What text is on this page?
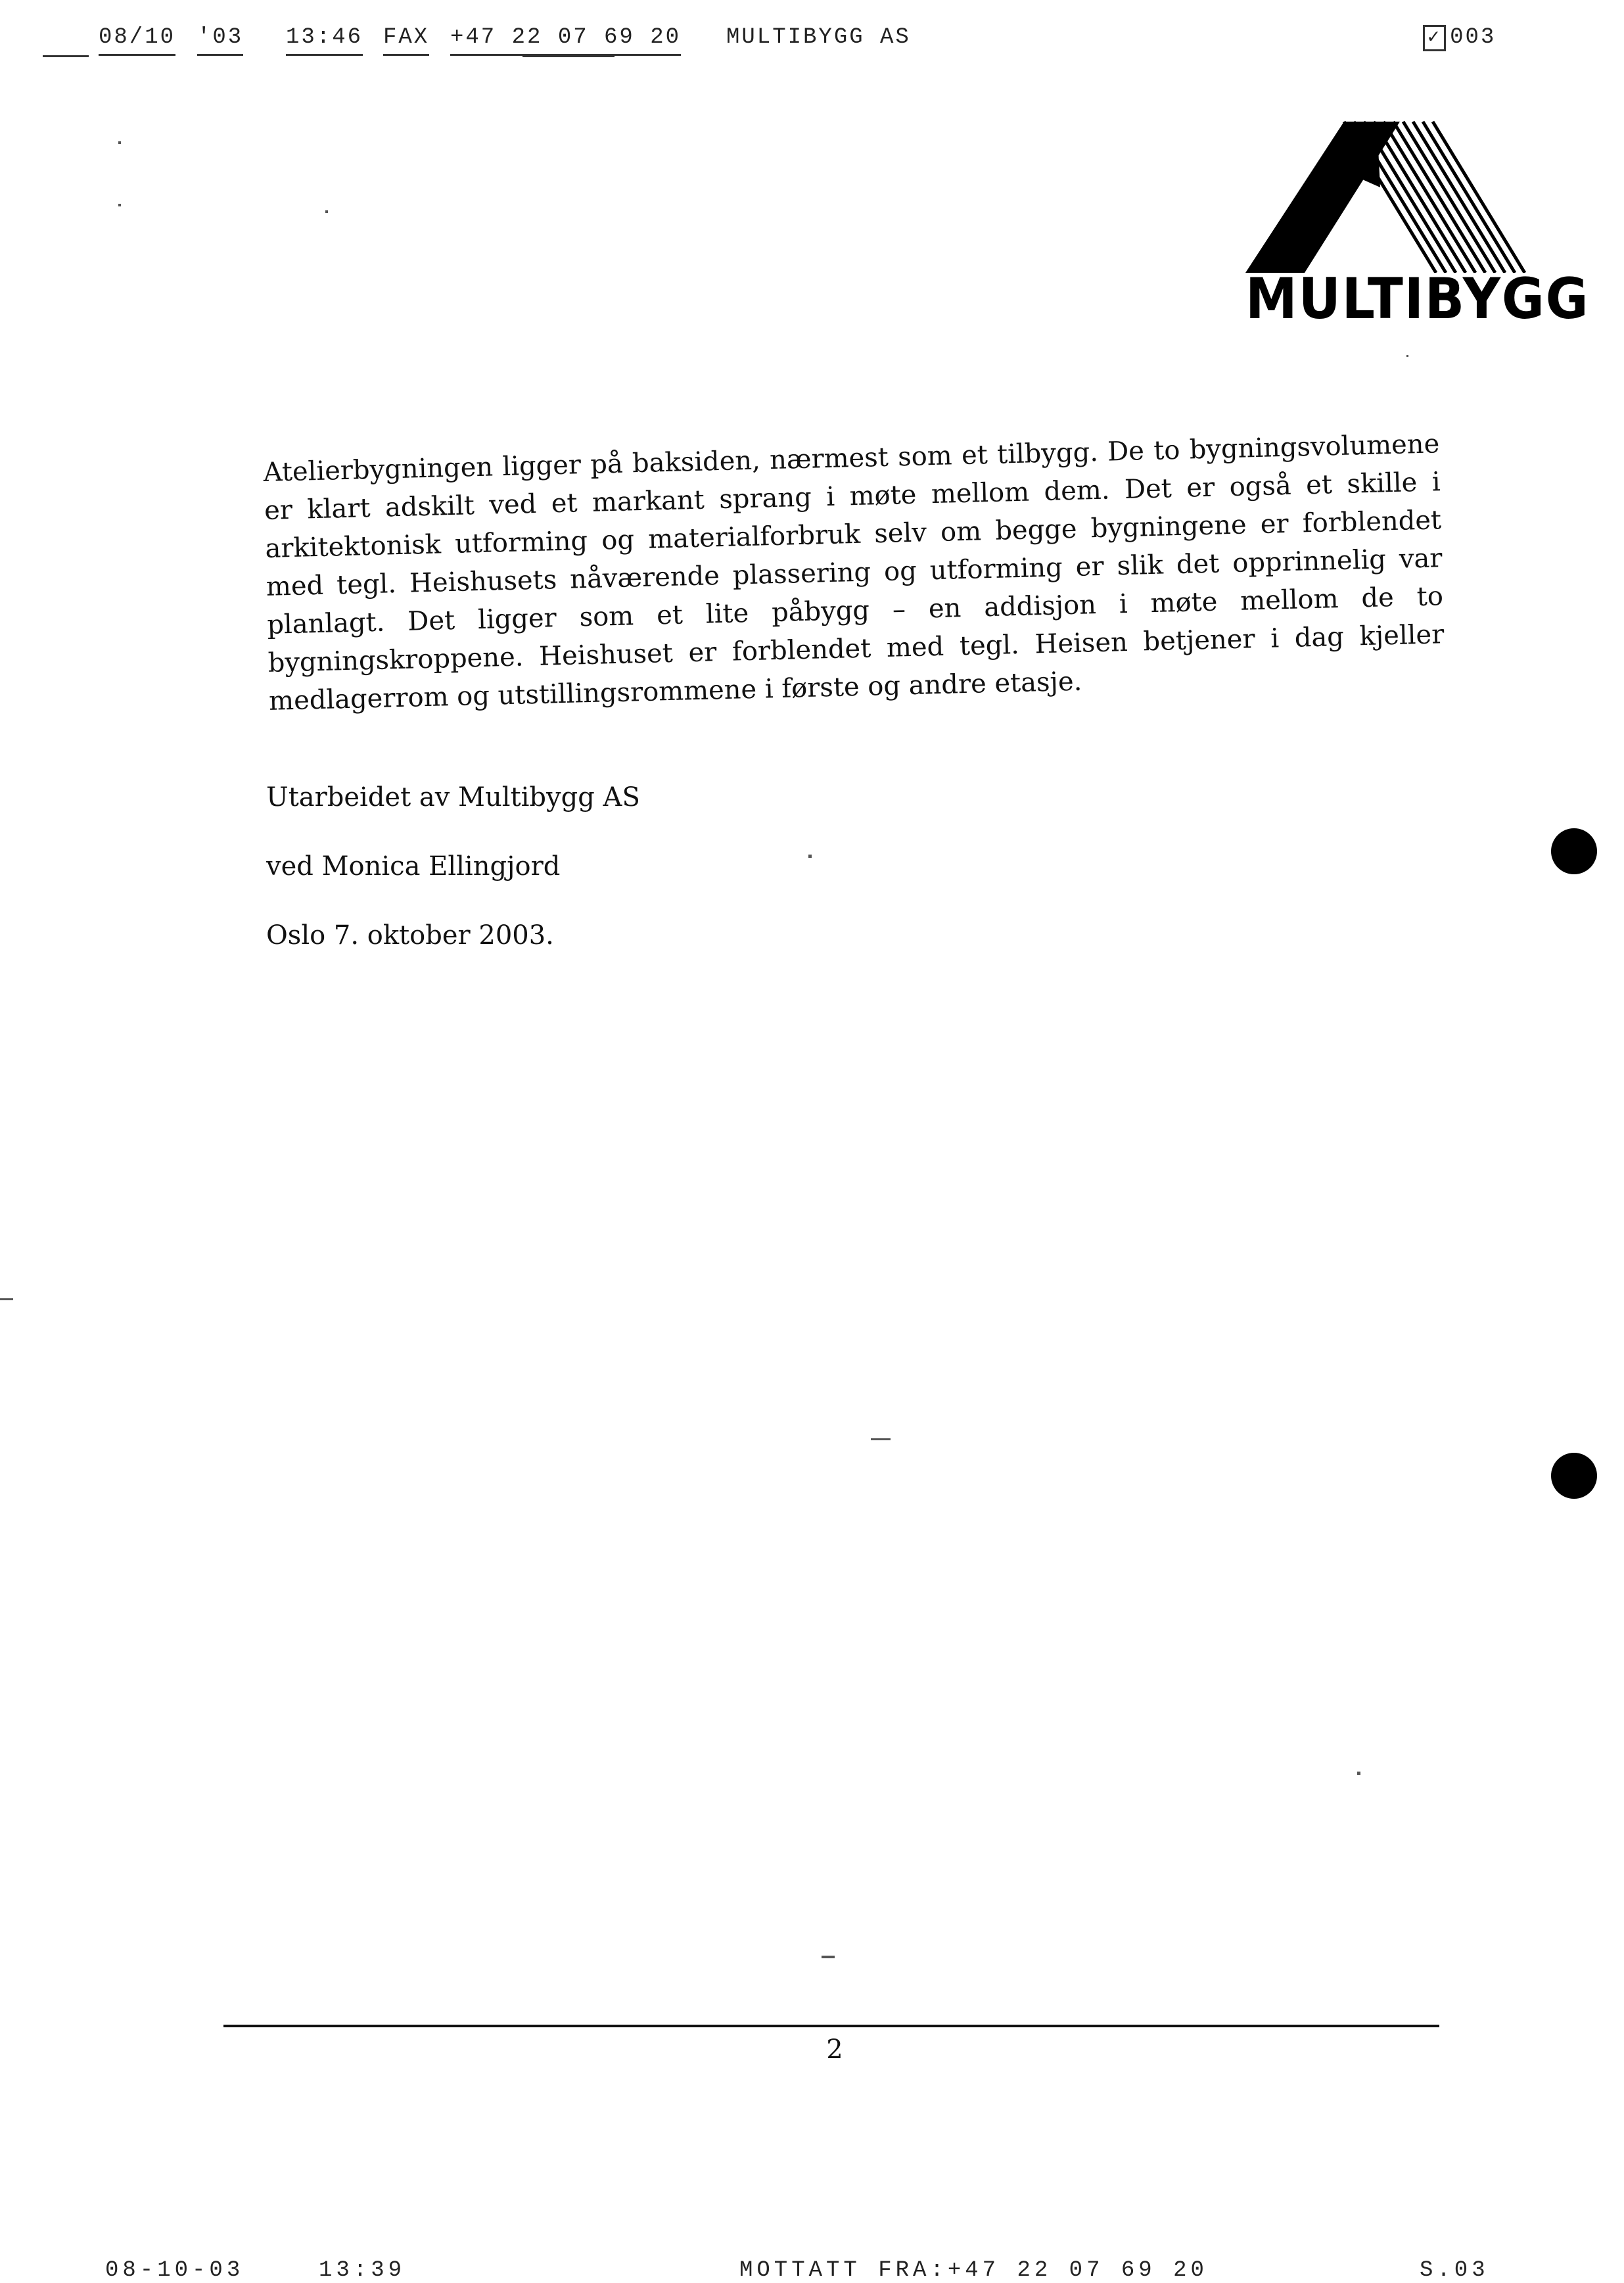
08/10 '03 13:46 FAX +47 22 07 69 20 MULTIBYGG AS	✓ 003
MULTIBYGG
Atelierbygningen ligger på baksiden, nærmest som et tilbygg. De to bygningsvolumene er klart adskilt ved et markant sprang i møte mellom dem. Det er også et skille i arkitektonisk utforming og materialforbruk selv om begge bygningene er forblendet med tegl. Heishusets nåværende plassering og utforming er slik det opprinnelig var planlagt. Det ligger som et lite påbygg – en addisjon i møte mellom de to bygningskroppene. Heishuset er forblendet med tegl. Heisen betjener i dag kjeller medlagerrom og utstillingsrommene i første og andre etasje.
Utarbeidet av Multibygg AS
ved Monica Ellingjord
Oslo 7. oktober 2003.
2
08-10-03	13:39	MOTTATT FRA:+47 22 07 69 20	S.03
